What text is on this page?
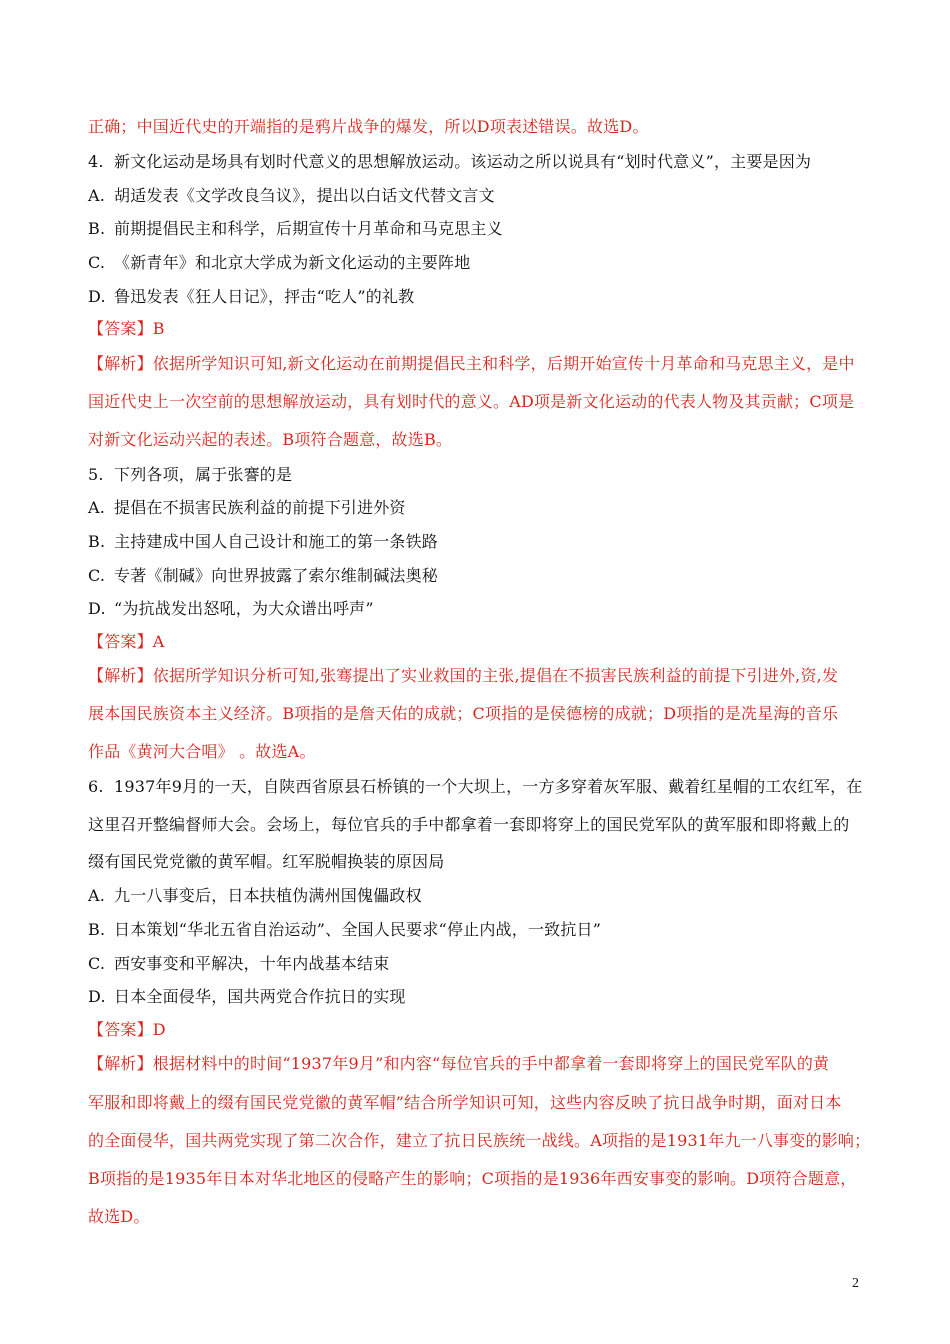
正确；中国近代史的开端指的是鸦片战争的爆发，所以D项表述错误。故选D。
4. 新文化运动是场具有划时代意义的思想解放运动。该运动之所以说具有“划时代意义”，主要是因为
A. 胡适发表《文学改良刍议》，提出以白话文代替文言文
B. 前期提倡民主和科学，后期宣传十月革命和马克思主义
C. 《新青年》和北京大学成为新文化运动的主要阵地
D. 鲁迅发表《狂人日记》，抨击“吃人”的礼教
【答案】B
【解析】依据所学知识可知,新文化运动在前期提倡民主和科学，后期开始宣传十月革命和马克思主义，是中
国近代史上一次空前的思想解放运动，具有划时代的意义。AD项是新文化运动的代表人物及其贡献；C项是
对新文化运动兴起的表述。B项符合题意，故选B。
5. 下列各项，属于张謇的是
A. 提倡在不损害民族利益的前提下引进外资
B. 主持建成中国人自己设计和施工的第一条铁路
C. 专著《制碱》向世界披露了索尔维制碱法奥秘
D. “为抗战发出怒吼，为大众谱出呼声”
【答案】A
【解析】依据所学知识分析可知,张骞提出了实业救国的主张,提倡在不损害民族利益的前提下引进外,资,发
展本国民族资本主义经济。B项指的是詹天佑的成就；C项指的是侯德榜的成就；D项指的是冼星海的音乐
作品《黄河大合唱》 。故选A。
6. 1937年9月的一天，自陕西省原县石桥镇的一个大坝上，一方多穿着灰军服、戴着红星帽的工农红军，在
这里召开整编督师大会。会场上，每位官兵的手中都拿着一套即将穿上的国民党军队的黄军服和即将戴上的
缀有国民党党徽的黄军帽。红军脱帽换装的原因局
A. 九一八事变后，日本扶植伪满州国傀儡政权
B. 日本策划“华北五省自治运动”、全国人民要求“停止内战，一致抗日”
C. 西安事变和平解决，十年内战基本结束
D. 日本全面侵华，国共两党合作抗日的实现
【答案】D
【解析】根据材料中的时间“1937年9月”和内容“每位官兵的手中都拿着一套即将穿上的国民党军队的黄
军服和即将戴上的缀有国民党党徽的黄军帽”结合所学知识可知，这些内容反映了抗日战争时期，面对日本
的全面侵华，国共两党实现了第二次合作，建立了抗日民族统一战线。A项指的是1931年九一八事变的影响；
B项指的是1935年日本对华北地区的侵略产生的影响；C项指的是1936年西安事变的影响。D项符合题意，
故选D。
2
